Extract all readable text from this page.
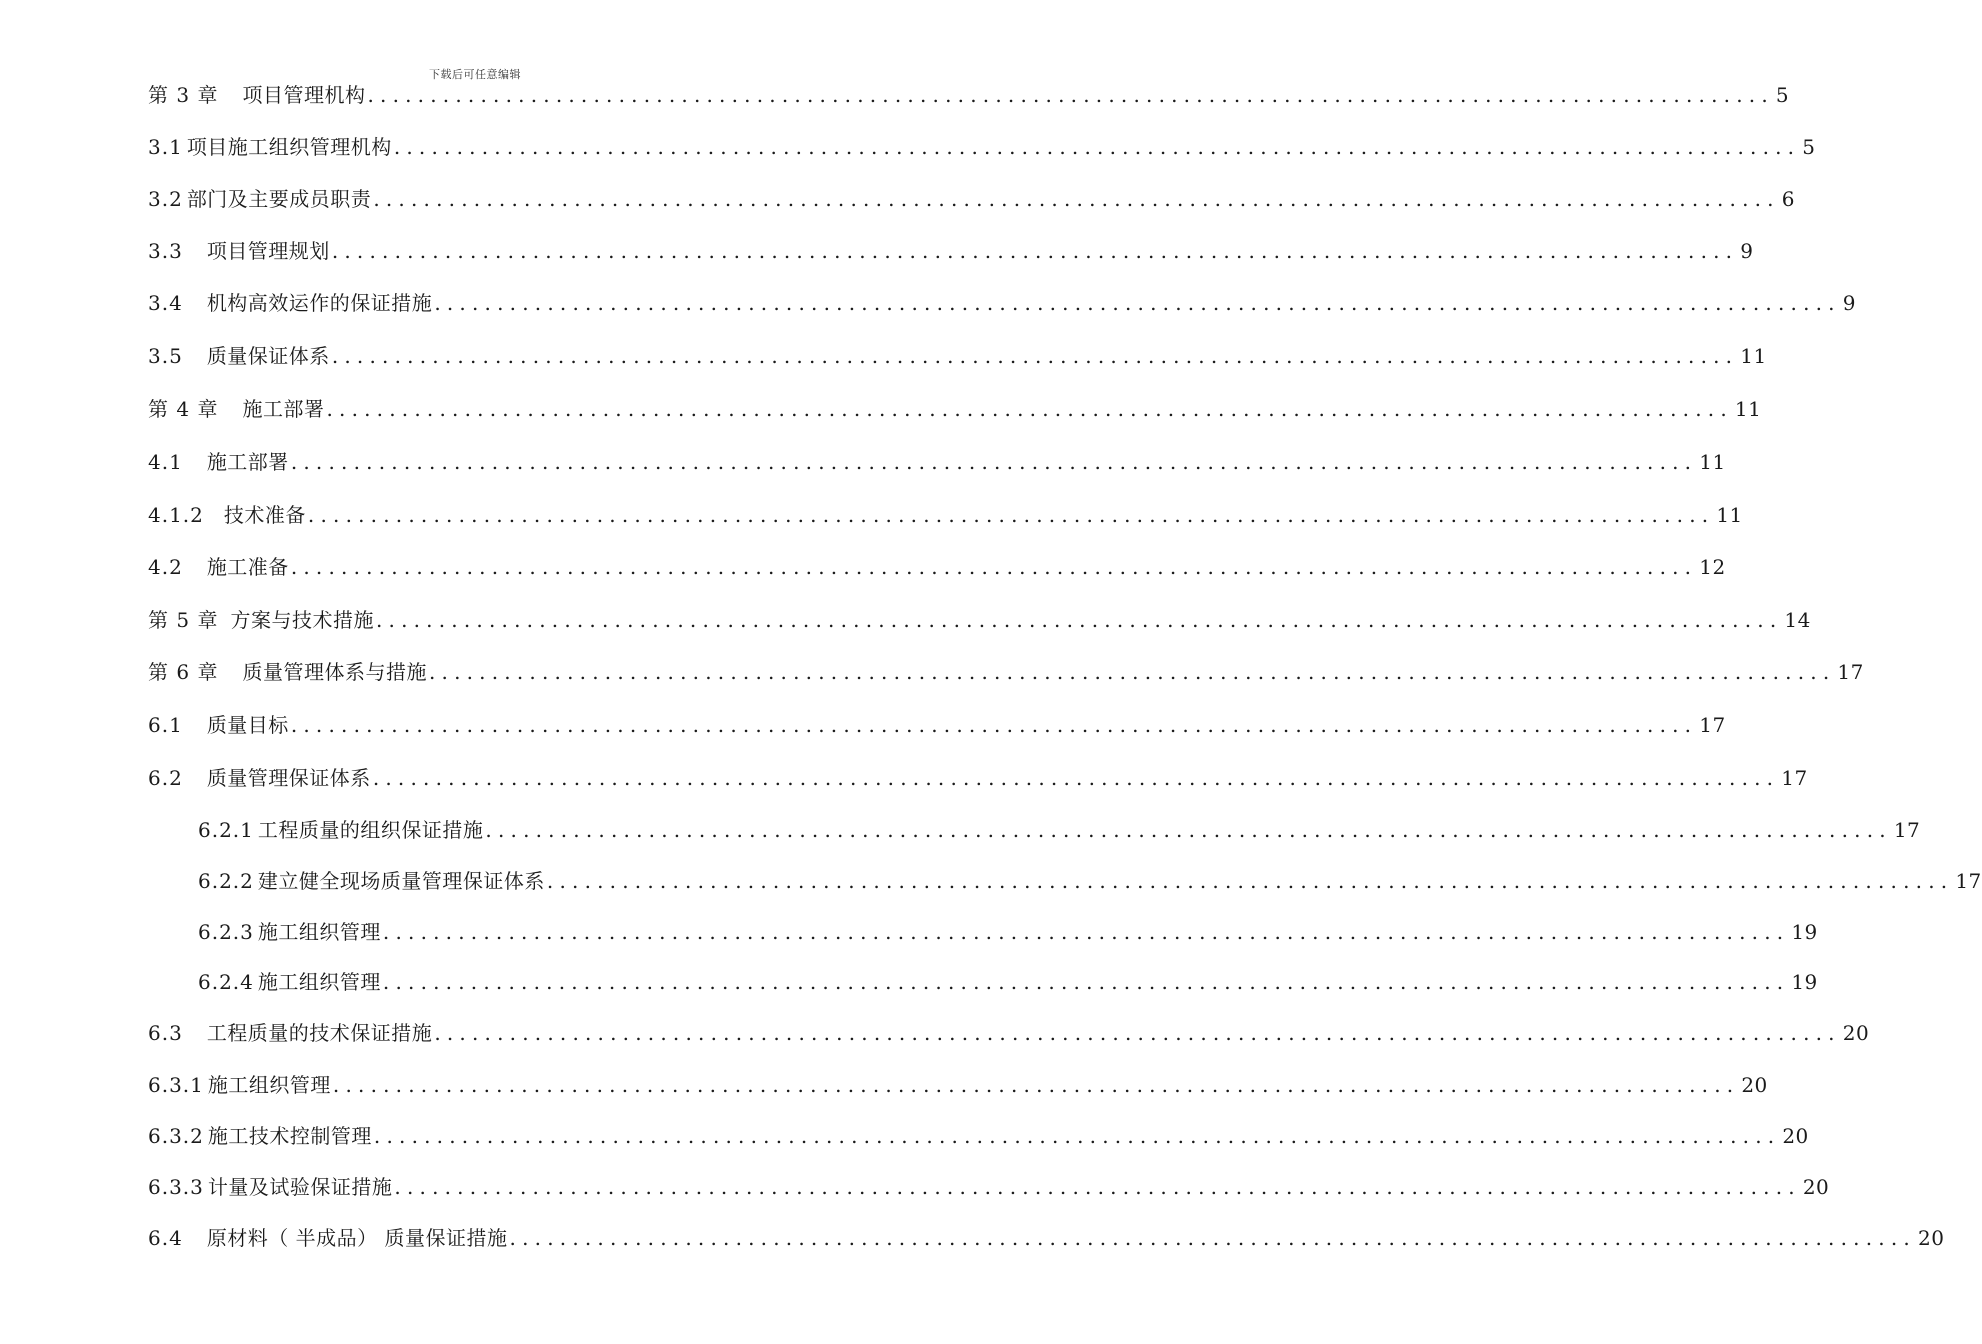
下载后可任意编辑
第 3 章 项目管理机构 ................................................................................................................ 5
3.1 项目施工组织管理机构 ................................................................................................................ 5
3.2 部门及主要成员职责 ................................................................................................................ 6
3.3 项目管理规划 ................................................................................................................ 9
3.4 机构高效运作的保证措施 ................................................................................................................ 9
3.5 质量保证体系 ................................................................................................................ 11
第 4 章 施工部署 ................................................................................................................ 11
4.1 施工部署 ................................................................................................................ 11
4.1.2 技术准备 ................................................................................................................ 11
4.2 施工准备 ................................................................................................................ 12
第 5 章 方案与技术措施 ................................................................................................................ 14
第 6 章 质量管理体系与措施 ................................................................................................................ 17
6.1 质量目标 ................................................................................................................ 17
6.2 质量管理保证体系 ................................................................................................................ 17
6.2.1 工程质量的组织保证措施 ................................................................................................................ 17
6.2.2 建立健全现场质量管理保证体系 ................................................................................................................ 17
6.2.3 施工组织管理 ................................................................................................................ 19
6.2.4 施工组织管理 ................................................................................................................ 19
6.3 工程质量的技术保证措施 ................................................................................................................ 20
6.3.1 施工组织管理 ................................................................................................................ 20
6.3.2 施工技术控制管理 ................................................................................................................ 20
6.3.3 计量及试验保证措施 ................................................................................................................ 20
6.4 原材料（ 半成品） 质量保证措施 ................................................................................................................ 20
